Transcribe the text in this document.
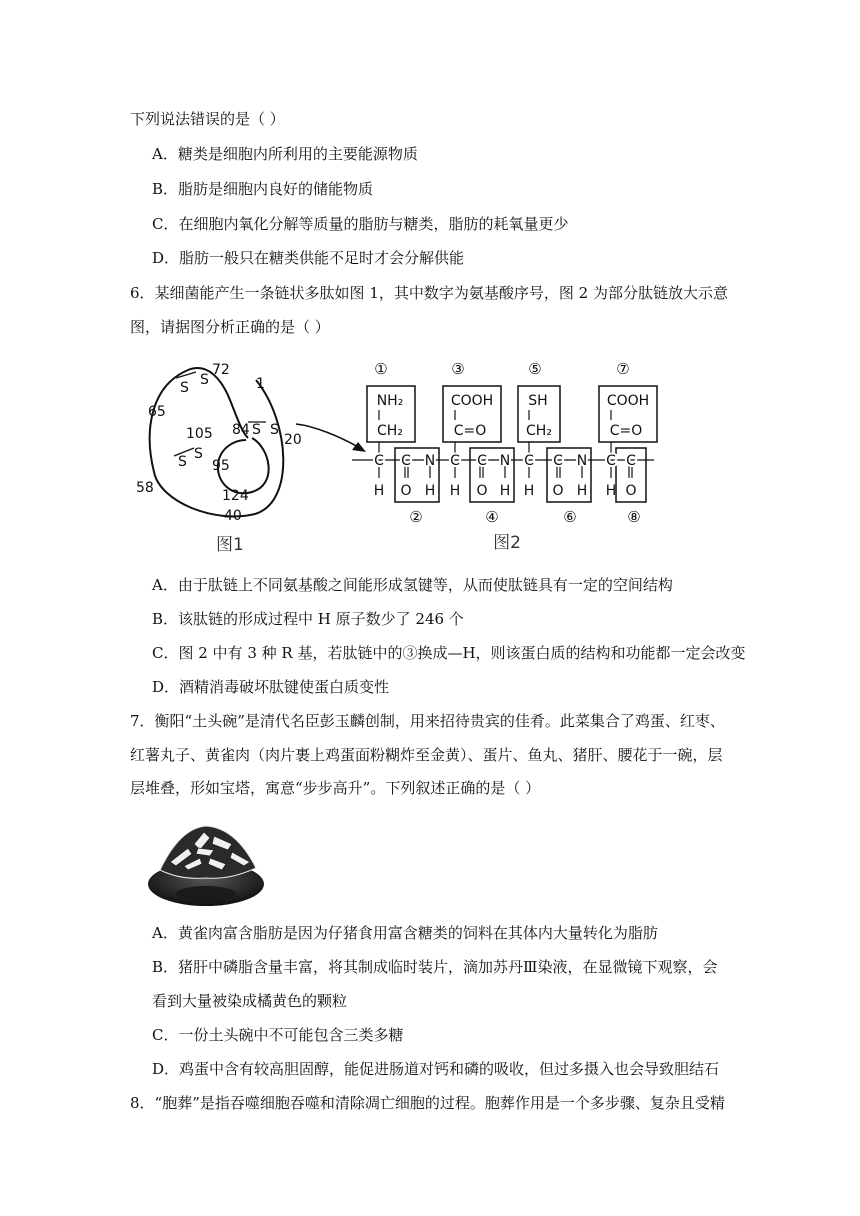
下列说法错误的是（ ）
A．糖类是细胞内所利用的主要能源物质
B．脂肪是细胞内良好的储能物质
C．在细胞内氧化分解等质量的脂肪与糖类，脂肪的耗氧量更少
D．脂肪一般只在糖类供能不足时才会分解供能
6．某细菌能产生一条链状多肽如图 1，其中数字为氨基酸序号，图 2 为部分肽链放大示意
图，请据图分析正确的是（ ）
S S
S S
S S
72
1
65
105 84
20
95
124
58
40
图1
①	③	⑤	⑦
②	④	⑥	⑧
NH₂
CH₂
COOH
C=O
SH
CH₂
COOH
C=O
C C N C C N C C N C C
H O H H O H H O H H O
图2
A．由于肽链上不同氨基酸之间能形成氢键等，从而使肽链具有一定的空间结构
B．该肽链的形成过程中 H 原子数少了 246 个
C．图 2 中有 3 种 R 基，若肽链中的③换成—H，则该蛋白质的结构和功能都一定会改变
D．酒精消毒破坏肽键使蛋白质变性
7．衡阳“土头碗”是清代名臣彭玉麟创制，用来招待贵宾的佳肴。此菜集合了鸡蛋、红枣、
红薯丸子、黄雀肉（肉片裹上鸡蛋面粉糊炸至金黄）、蛋片、鱼丸、猪肝、腰花于一碗，层
层堆叠，形如宝塔，寓意“步步高升”。下列叙述正确的是（ ）
A．黄雀肉富含脂肪是因为仔猪食用富含糖类的饲料在其体内大量转化为脂肪
B．猪肝中磷脂含量丰富，将其制成临时装片，滴加苏丹Ⅲ染液，在显微镜下观察，会
看到大量被染成橘黄色的颗粒
C．一份土头碗中不可能包含三类多糖
D．鸡蛋中含有较高胆固醇，能促进肠道对钙和磷的吸收，但过多摄入也会导致胆结石
8．“胞葬”是指吞噬细胞吞噬和清除凋亡细胞的过程。胞葬作用是一个多步骤、复杂且受精
